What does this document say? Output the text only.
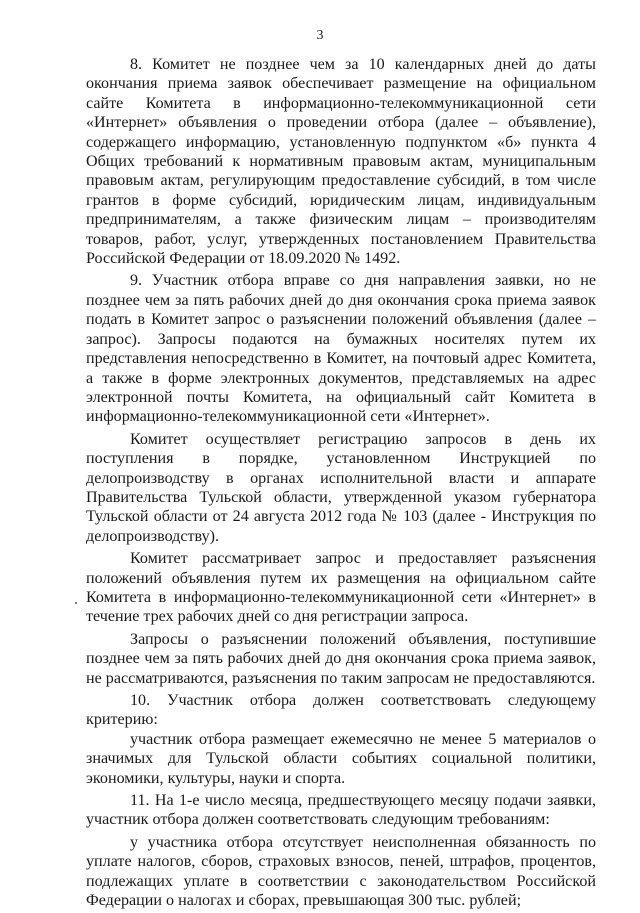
3

8. Комитет не позднее чем за 10 календарных дней до даты окончания приема заявок обеспечивает размещение на официальном сайте Комитета в информационно-телекоммуникационной сети «Интернет» объявления о проведении отбора (далее – объявление), содержащего информацию, установленную подпунктом «б» пункта 4 Общих требований к нормативным правовым актам, муниципальным правовым актам, регулирующим предоставление субсидий, в том числе грантов в форме субсидий, юридическим лицам, индивидуальным предпринимателям, а также физическим лицам – производителям товаров, работ, услуг, утвержденных постановлением Правительства Российской Федерации от 18.09.2020 № 1492.

9. Участник отбора вправе со дня направления заявки, но не позднее чем за пять рабочих дней до дня окончания срока приема заявок подать в Комитет запрос о разъяснении положений объявления (далее – запрос). Запросы подаются на бумажных носителях путем их представления непосредственно в Комитет, на почтовый адрес Комитета, а также в форме электронных документов, представляемых на адрес электронной почты Комитета, на официальный сайт Комитета в информационно-телекоммуникационной сети «Интернет».

Комитет осуществляет регистрацию запросов в день их поступления в порядке, установленном Инструкцией по делопроизводству в органах исполнительной власти и аппарате Правительства Тульской области, утвержденной указом губернатора Тульской области от 24 августа 2012 года № 103 (далее - Инструкция по делопроизводству).

Комитет рассматривает запрос и предоставляет разъяснения положений объявления путем их размещения на официальном сайте Комитета в информационно-телекоммуникационной сети «Интернет» в течение трех рабочих дней со дня регистрации запроса.

Запросы о разъяснении положений объявления, поступившие позднее чем за пять рабочих дней до дня окончания срока приема заявок, не рассматриваются, разъяснения по таким запросам не предоставляются.

10. Участник отбора должен соответствовать следующему критерию:

участник отбора размещает ежемесячно не менее 5 материалов о значимых для Тульской области событиях социальной политики, экономики, культуры, науки и спорта.

11. На 1-е число месяца, предшествующего месяцу подачи заявки, участник отбора должен соответствовать следующим требованиям:

у участника отбора отсутствует неисполненная обязанность по уплате налогов, сборов, страховых взносов, пеней, штрафов, процентов, подлежащих уплате в соответствии с законодательством Российской Федерации о налогах и сборах, превышающая 300 тыс. рублей;
